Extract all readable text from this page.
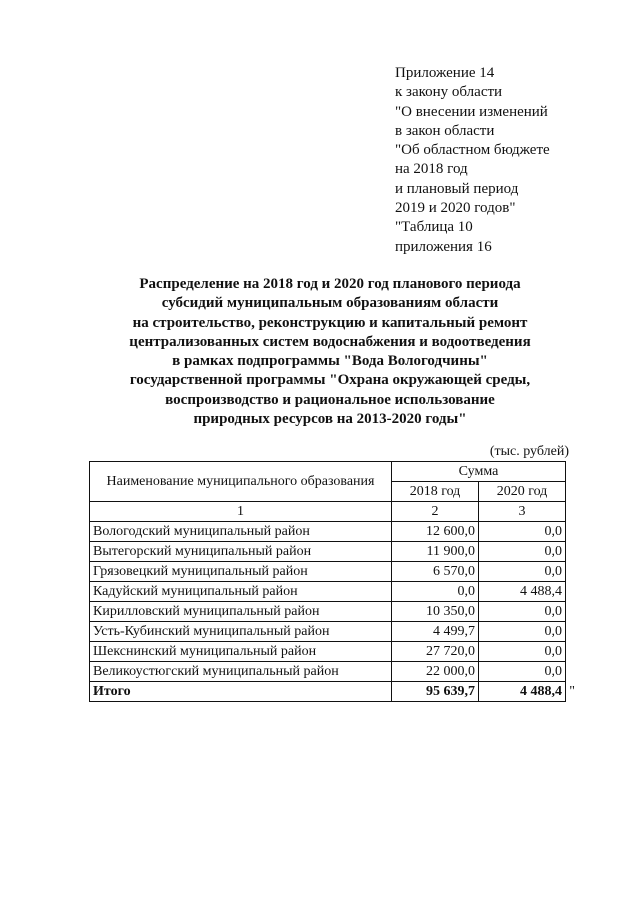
Приложение 14
к закону области
"О внесении изменений
в закон области
"Об областном бюджете
на 2018 год
и плановый период
2019 и 2020 годов"
"Таблица 10
приложения 16
Распределение на 2018 год и 2020 год планового периода
субсидий муниципальным образованиям области
на строительство, реконструкцию и капитальный ремонт
централизованных систем водоснабжения и водоотведения
в рамках подпрограммы "Вода Вологодчины"
государственной программы "Охрана окружающей среды,
воспроизводство и рациональное использование
природных ресурсов на 2013-2020 годы"
(тыс. рублей)
Наименование муниципального образования	Сумма	
	2018 год	2020 год
1	2	3
Вологодский муниципальный район	12 600,0	0,0
Вытегорский муниципальный район	11 900,0	0,0
Грязовецкий муниципальный район	6 570,0	0,0
Кадуйский муниципальный район	0,0	4 488,4
Кирилловский муниципальный район	10 350,0	0,0
Усть-Кубинский муниципальный район	4 499,7	0,0
Шекснинский муниципальный район	27 720,0	0,0
Великоустюгский муниципальный район	22 000,0	0,0
Итого	95 639,7	4 488,4 "
